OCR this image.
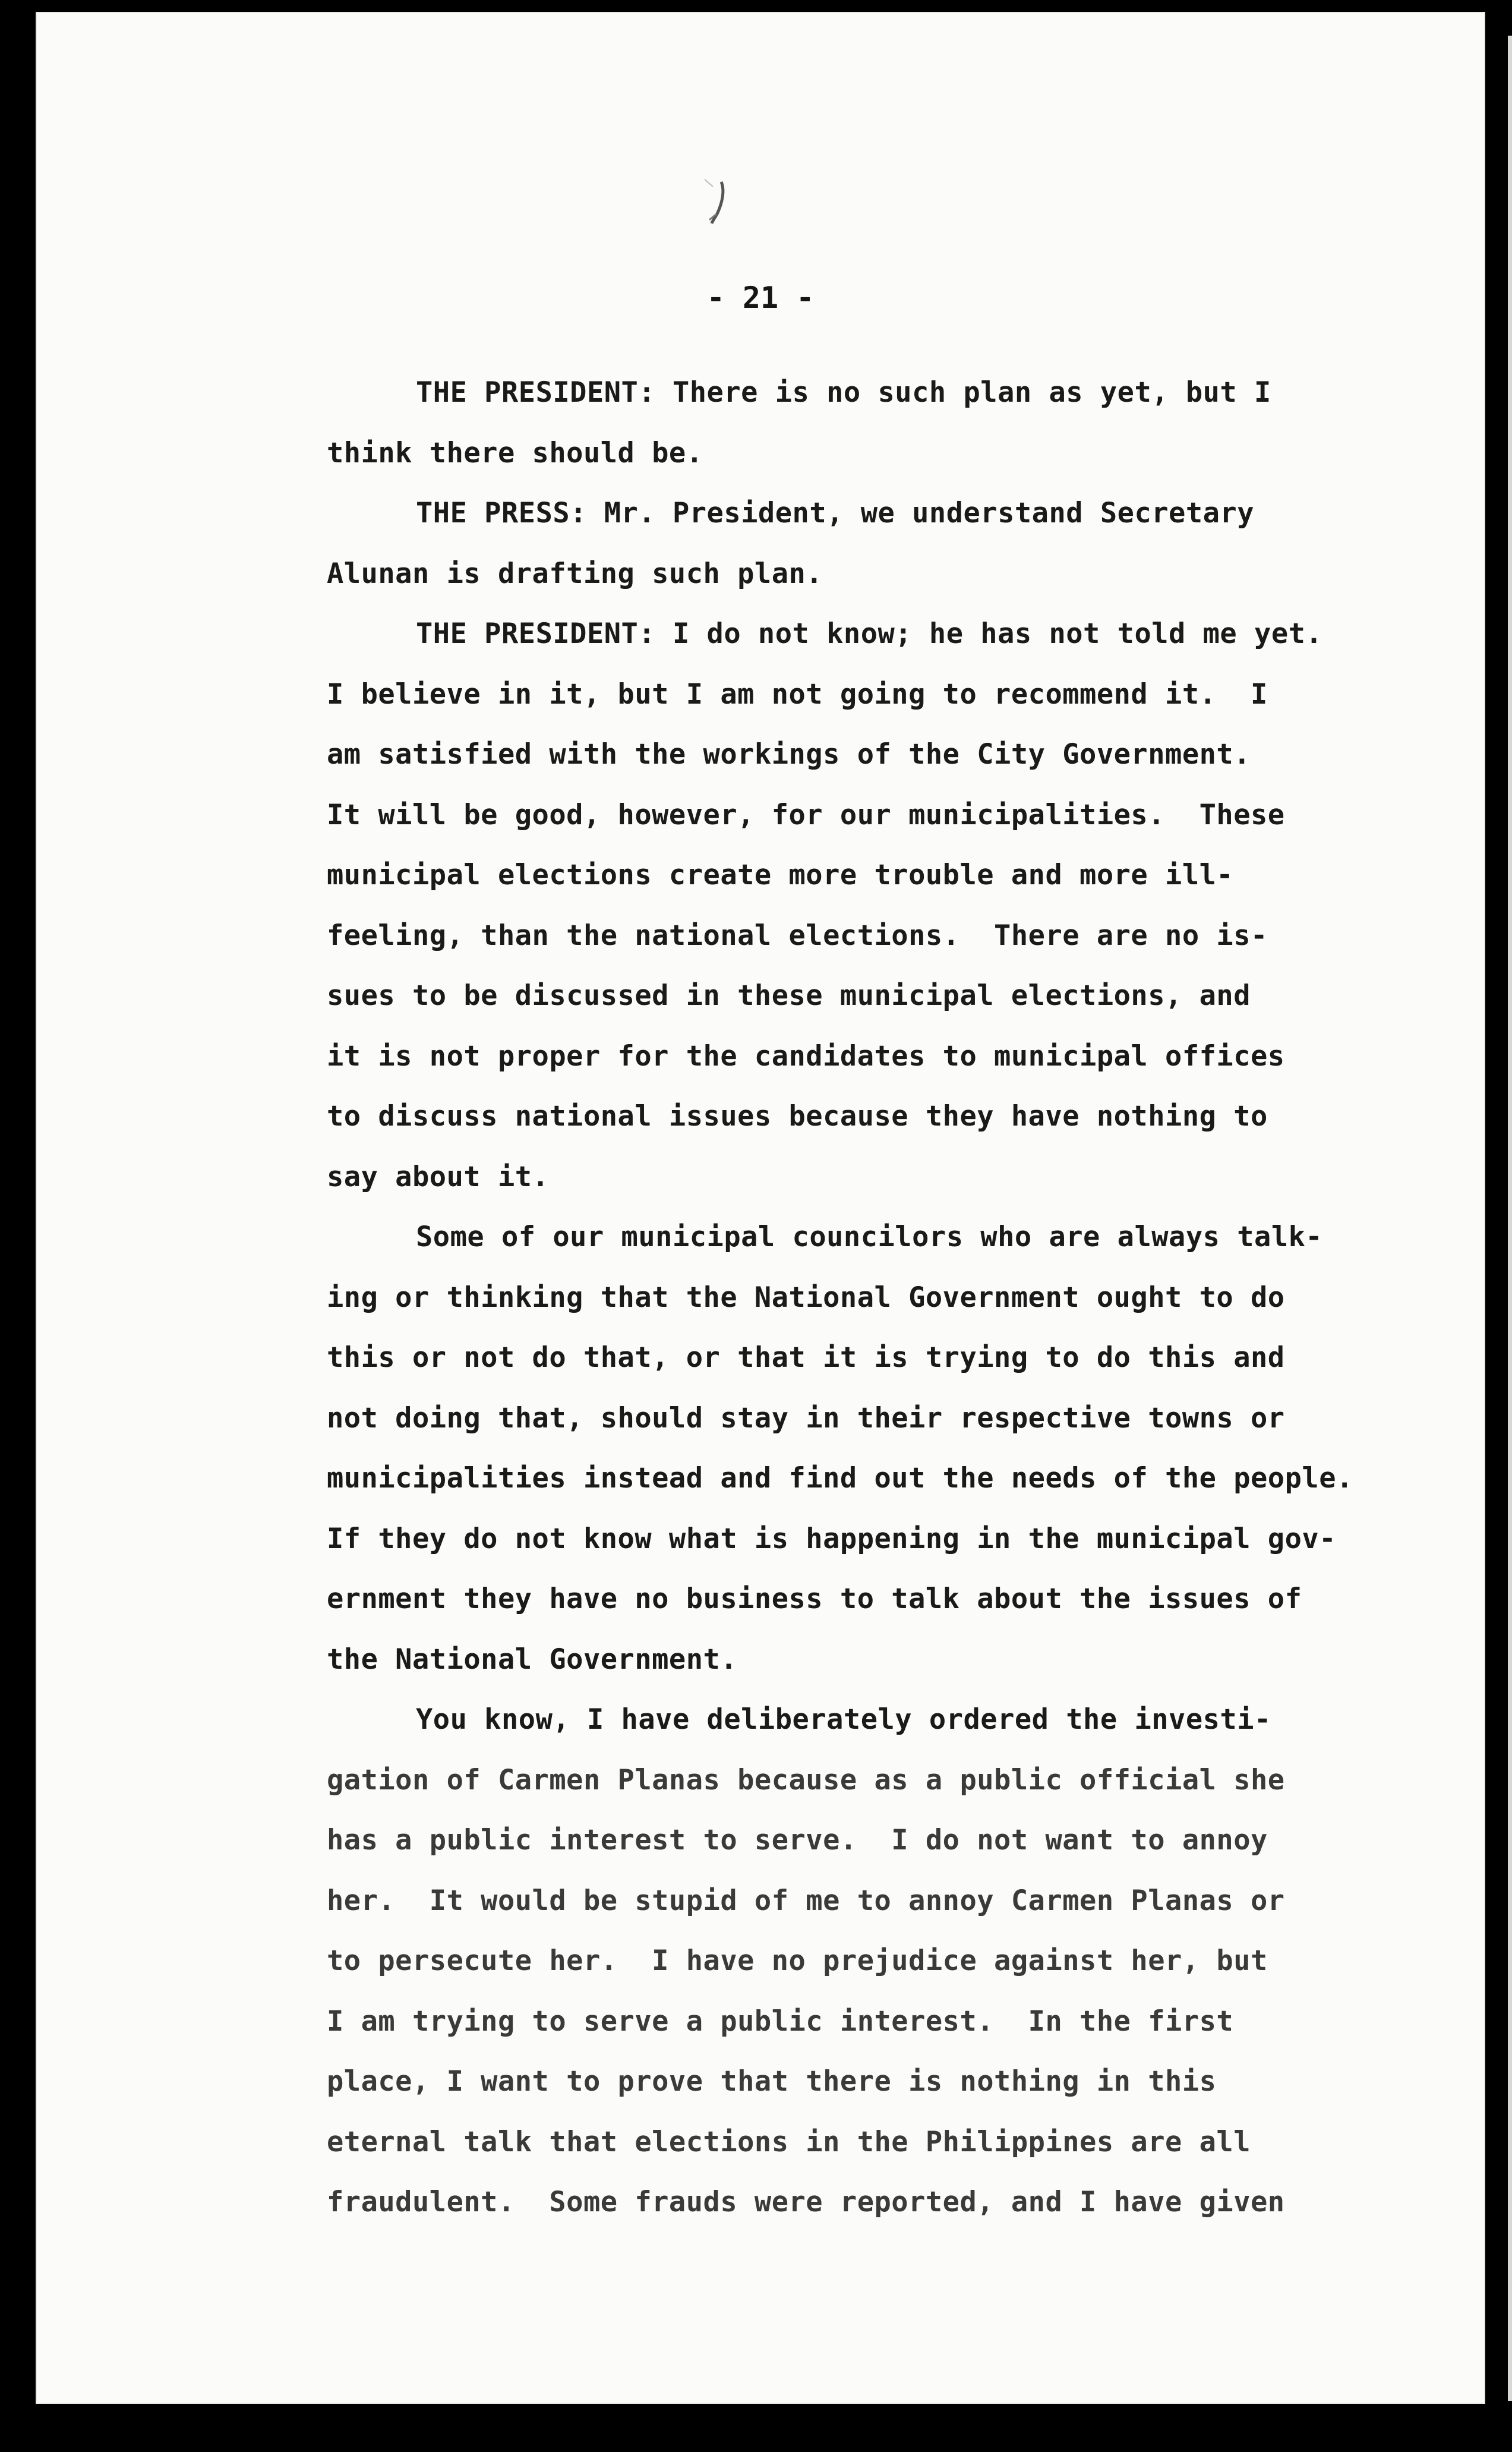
- 21 -
THE PRESIDENT: There is no such plan as yet, but I
think there should be.
THE PRESS: Mr. President, we understand Secretary
Alunan is drafting such plan.
THE PRESIDENT: I do not know; he has not told me yet.
I believe in it, but I am not going to recommend it.  I
am satisfied with the workings of the City Government.
It will be good, however, for our municipalities.  These
municipal elections create more trouble and more ill-
feeling, than the national elections.  There are no is-
sues to be discussed in these municipal elections, and
it is not proper for the candidates to municipal offices
to discuss national issues because they have nothing to
say about it.
Some of our municipal councilors who are always talk-
ing or thinking that the National Government ought to do
this or not do that, or that it is trying to do this and
not doing that, should stay in their respective towns or
municipalities instead and find out the needs of the people.
If they do not know what is happening in the municipal gov-
ernment they have no business to talk about the issues of
the National Government.
You know, I have deliberately ordered the investi-
gation of Carmen Planas because as a public official she
has a public interest to serve.  I do not want to annoy
her.  It would be stupid of me to annoy Carmen Planas or
to persecute her.  I have no prejudice against her, but
I am trying to serve a public interest.  In the first
place, I want to prove that there is nothing in this
eternal talk that elections in the Philippines are all
fraudulent.  Some frauds were reported, and I have given
